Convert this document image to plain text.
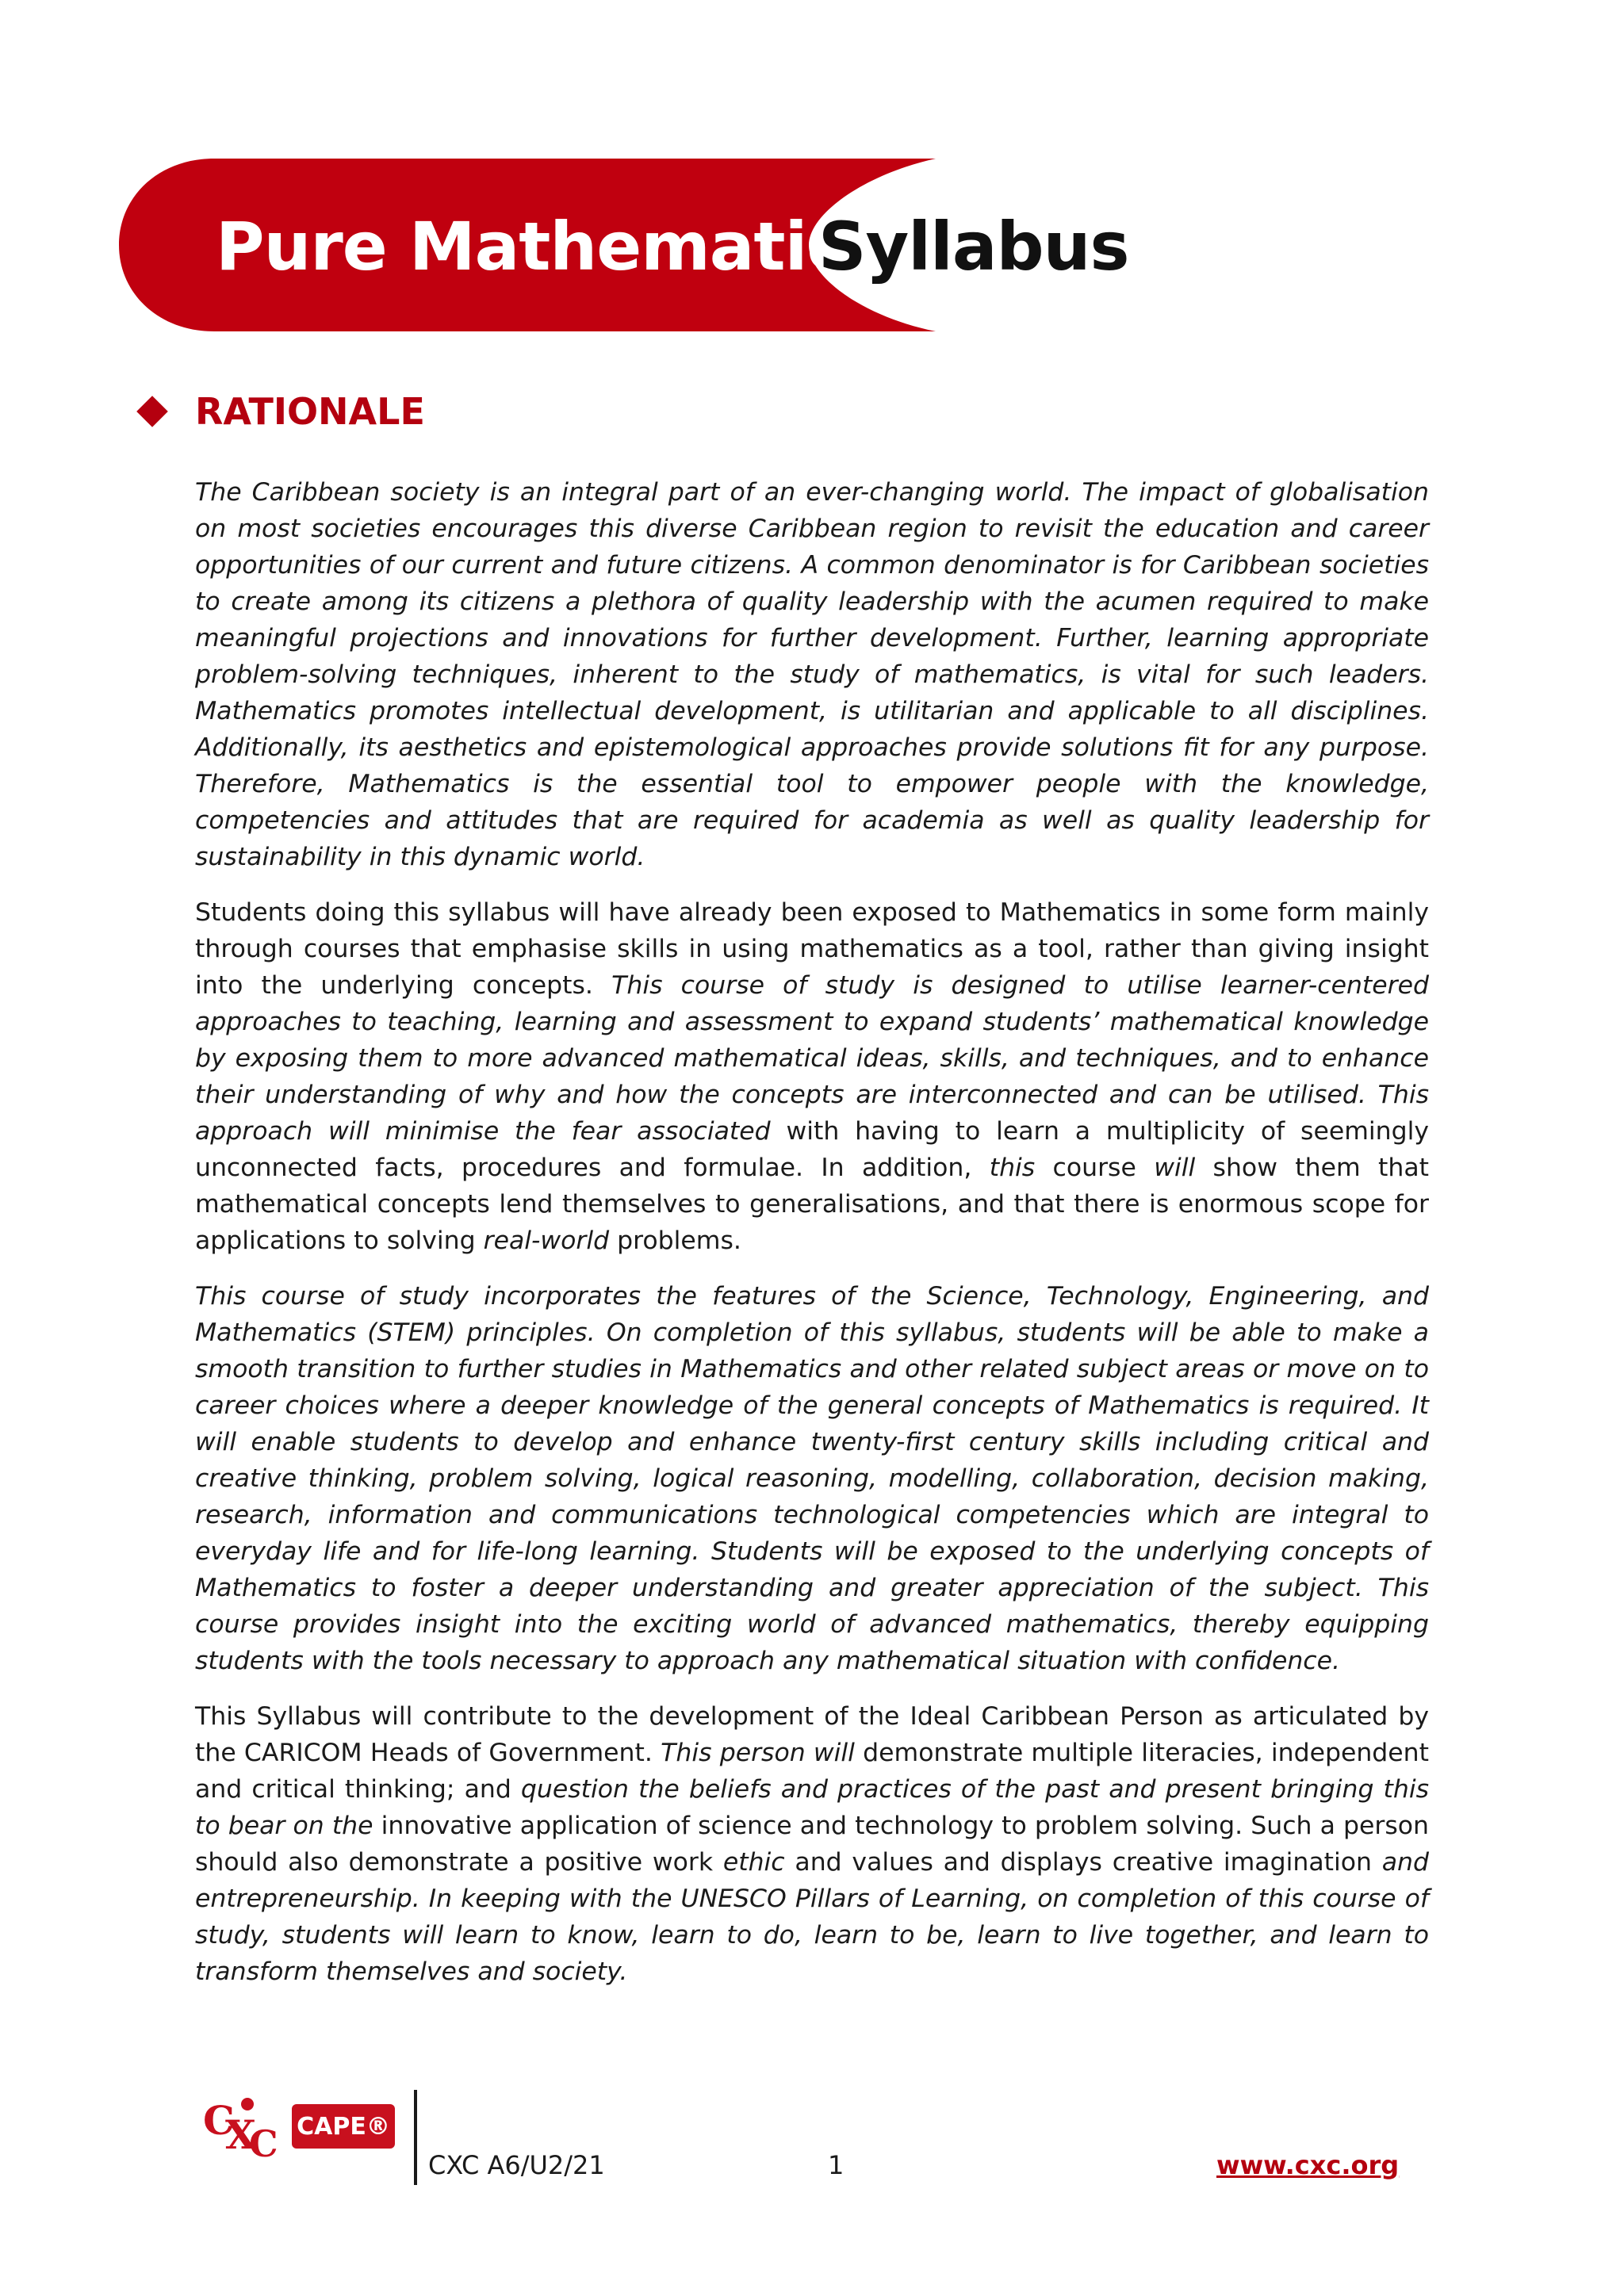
Pure Mathematics
Syllabus
RATIONALE

The Caribbean society is an integral part of an ever-changing world. The impact of globalisation on most societies encourages this diverse Caribbean region to revisit the education and career opportunities of our current and future citizens. A common denominator is for Caribbean societies to create among its citizens a plethora of quality leadership with the acumen required to make meaningful projections and innovations for further development. Further, learning appropriate problem-solving techniques, inherent to the study of mathematics, is vital for such leaders. Mathematics promotes intellectual development, is utilitarian and applicable to all disciplines. Additionally, its aesthetics and epistemological approaches provide solutions fit for any purpose. Therefore, Mathematics is the essential tool to empower people with the knowledge, competencies and attitudes that are required for academia as well as quality leadership for sustainability in this dynamic world.

Students doing this syllabus will have already been exposed to Mathematics in some form mainly through courses that emphasise skills in using mathematics as a tool, rather than giving insight into the underlying concepts. This course of study is designed to utilise learner-centered approaches to teaching, learning and assessment to expand students’ mathematical knowledge by exposing them to more advanced mathematical ideas, skills, and techniques, and to enhance their understanding of why and how the concepts are interconnected and can be utilised. This approach will minimise the fear associated with having to learn a multiplicity of seemingly unconnected facts, procedures and formulae. In addition, this course will show them that mathematical concepts lend themselves to generalisations, and that there is enormous scope for applications to solving real-world problems.

This course of study incorporates the features of the Science, Technology, Engineering, and Mathematics (STEM) principles. On completion of this syllabus, students will be able to make a smooth transition to further studies in Mathematics and other related subject areas or move on to career choices where a deeper knowledge of the general concepts of Mathematics is required. It will enable students to develop and enhance twenty-first century skills including critical and creative thinking, problem solving, logical reasoning, modelling, collaboration, decision making, research, information and communications technological competencies which are integral to everyday life and for life-long learning. Students will be exposed to the underlying concepts of Mathematics to foster a deeper understanding and greater appreciation of the subject. This course provides insight into the exciting world of advanced mathematics, thereby equipping students with the tools necessary to approach any mathematical situation with confidence.

This Syllabus will contribute to the development of the Ideal Caribbean Person as articulated by the CARICOM Heads of Government. This person will demonstrate multiple literacies, independent and critical thinking; and question the beliefs and practices of the past and present bringing this to bear on the innovative application of science and technology to problem solving. Such a person should also demonstrate a positive work ethic and values and displays creative imagination and entrepreneurship. In keeping with the UNESCO Pillars of Learning, on completion of this course of study, students will learn to know, learn to do, learn to be, learn to live together, and learn to transform themselves and society.

C
X
C CAPE®
CXC A6/U2/21	1	www.cxc.org
